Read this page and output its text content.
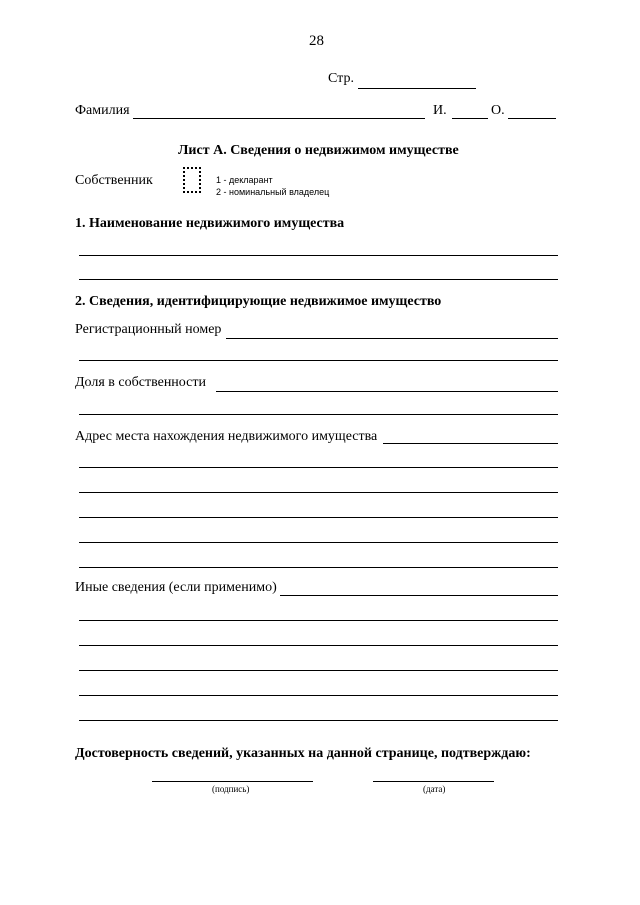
28
Стр.
Фамилия	И.	О.
Лист А. Сведения о недвижимом имуществе
Собственник	1 - декларант
2 - номинальный владелец
1. Наименование недвижимого имущества
2. Сведения, идентифицирующие недвижимое имущество
Регистрационный номер
Доля в собственности
Адрес места нахождения недвижимого имущества
Иные сведения (если применимо)
Достоверность сведений, указанных на данной странице, подтверждаю:
(подпись)	(дата)
